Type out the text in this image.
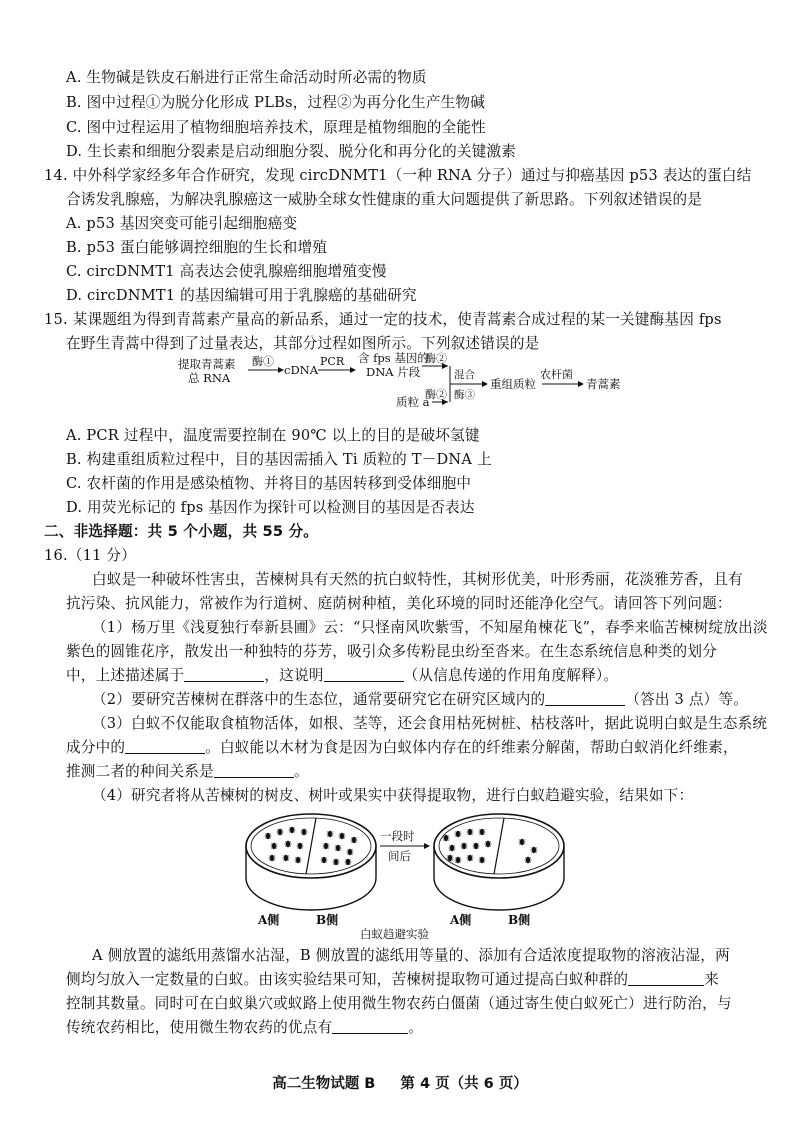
A. 生物碱是铁皮石斛进行正常生命活动时所必需的物质
B. 图中过程①为脱分化形成 PLBs，过程②为再分化生产生物碱
C. 图中过程运用了植物细胞培养技术，原理是植物细胞的全能性
D. 生长素和细胞分裂素是启动细胞分裂、脱分化和再分化的关键激素
14. 中外科学家经多年合作研究，发现 circDNMT1（一种 RNA 分子）通过与抑癌基因 p53 表达的蛋白结
合诱发乳腺癌，为解决乳腺癌这一威胁全球女性健康的重大问题提供了新思路。下列叙述错误的是
A. p53 基因突变可能引起细胞癌变
B. p53 蛋白能够调控细胞的生长和增殖
C. circDNMT1 高表达会使乳腺癌细胞增殖变慢
D. circDNMT1 的基因编辑可用于乳腺癌的基础研究
15. 某课题组为得到青蒿素产量高的新品系，通过一定的技术，使青蒿素合成过程的某一关键酶基因 fps
在野生青蒿中得到了过量表达，其部分过程如图所示。下列叙述错误的是
提取青蒿素
总 RNA
酶①
cDNA
PCR 含 fps 基因的
DNA 片段
酶②
质粒 a
酶②
混合
酶③
重组质粒
农杆菌
青蒿素
A. PCR 过程中，温度需要控制在 90℃ 以上的目的是破坏氢键
B. 构建重组质粒过程中，目的基因需插入 Ti 质粒的 T－DNA 上
C. 农杆菌的作用是感染植物、并将目的基因转移到受体细胞中
D. 用荧光标记的 fps 基因作为探针可以检测目的基因是否表达
二、非选择题：共 5 个小题，共 55 分。
16.（11 分）
白蚁是一种破坏性害虫，苦楝树具有天然的抗白蚁特性，其树形优美，叶形秀丽，花淡雅芳香，且有
抗污染、抗风能力，常被作为行道树、庭荫树种植，美化环境的同时还能净化空气。请回答下列问题：
（1）杨万里《浅夏独行奉新县圃》云：“只怪南风吹紫雪，不知屋角楝花飞”，春季来临苦楝树绽放出淡
紫色的圆锥花序，散发出一种独特的芬芳，吸引众多传粉昆虫纷至沓来。在生态系统信息种类的划分
中，上述描述属于	，这说明	（从信息传递的作用角度解释）。
（2）要研究苦楝树在群落中的生态位，通常要研究它在研究区域内的	（答出 3 点）等。
（3）白蚁不仅能取食植物活体，如根、茎等，还会食用枯死树桩、枯枝落叶，据此说明白蚁是生态系统
成分中的	。白蚁能以木材为食是因为白蚁体内存在的纤维素分解菌，帮助白蚁消化纤维素，
推测二者的种间关系是	。
（4）研究者将从苦楝树的树皮、树叶或果实中获得提取物，进行白蚁趋避实验，结果如下：
一段时
间后
A侧	B侧	A侧	B侧
白蚁趋避实验
A 侧放置的滤纸用蒸馏水沾湿，B 侧放置的滤纸用等量的、添加有合适浓度提取物的溶液沾湿，两
侧均匀放入一定数量的白蚁。由该实验结果可知，苦楝树提取物可通过提高白蚁种群的	来
控制其数量。同时可在白蚁巢穴或蚁路上使用微生物农药白僵菌（通过寄生使白蚁死亡）进行防治，与
传统农药相比，使用微生物农药的优点有	。
高二生物试题 B 第 4 页（共 6 页）
